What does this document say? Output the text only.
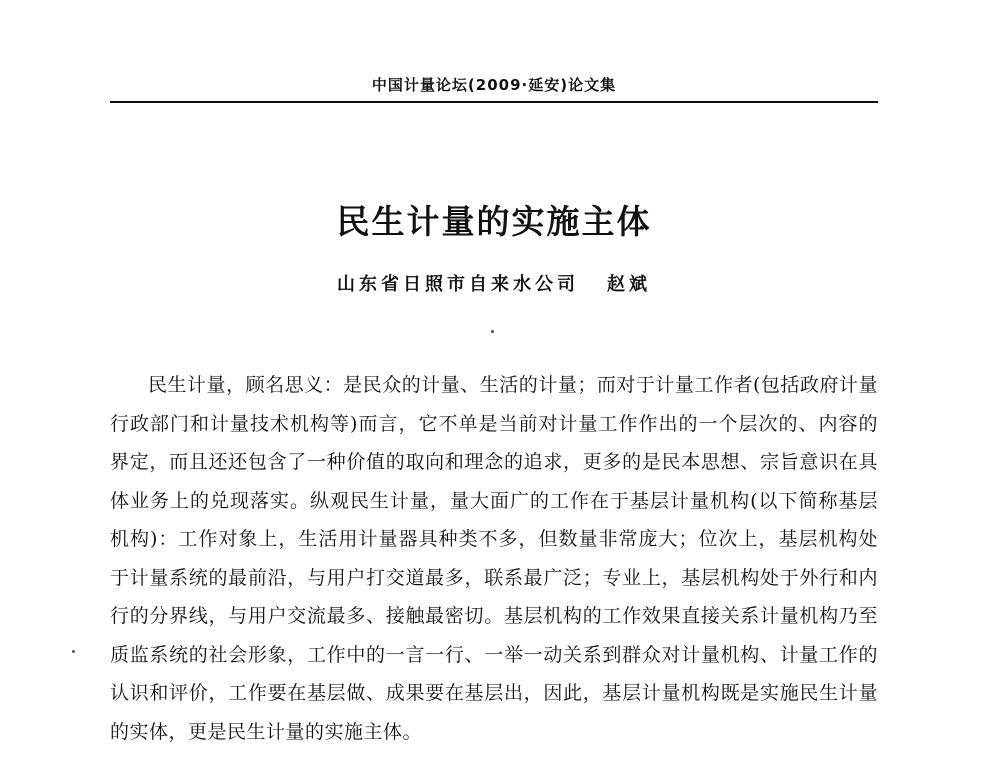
中国计量论坛(2009·延安)论文集
民生计量的实施主体
山东省日照市自来水公司 赵斌

民生计量，顾名思义：是民众的计量、生活的计量；而对于计量工作者(包括政府计量行政部门和计量技术机构等)而言，它不单是当前对计量工作作出的一个层次的、内容的界定，而且还还包含了一种价值的取向和理念的追求，更多的是民本思想、宗旨意识在具体业务上的兑现落实。纵观民生计量，量大面广的工作在于基层计量机构(以下简称基层机构)：工作对象上，生活用计量器具种类不多，但数量非常庞大；位次上，基层机构处于计量系统的最前沿，与用户打交道最多，联系最广泛；专业上，基层机构处于外行和内行的分界线，与用户交流最多、接触最密切。基层机构的工作效果直接关系计量机构乃至质监系统的社会形象，工作中的一言一行、一举一动关系到群众对计量机构、计量工作的认识和评价，工作要在基层做、成果要在基层出，因此，基层计量机构既是实施民生计量的实体，更是民生计量的实施主体。
